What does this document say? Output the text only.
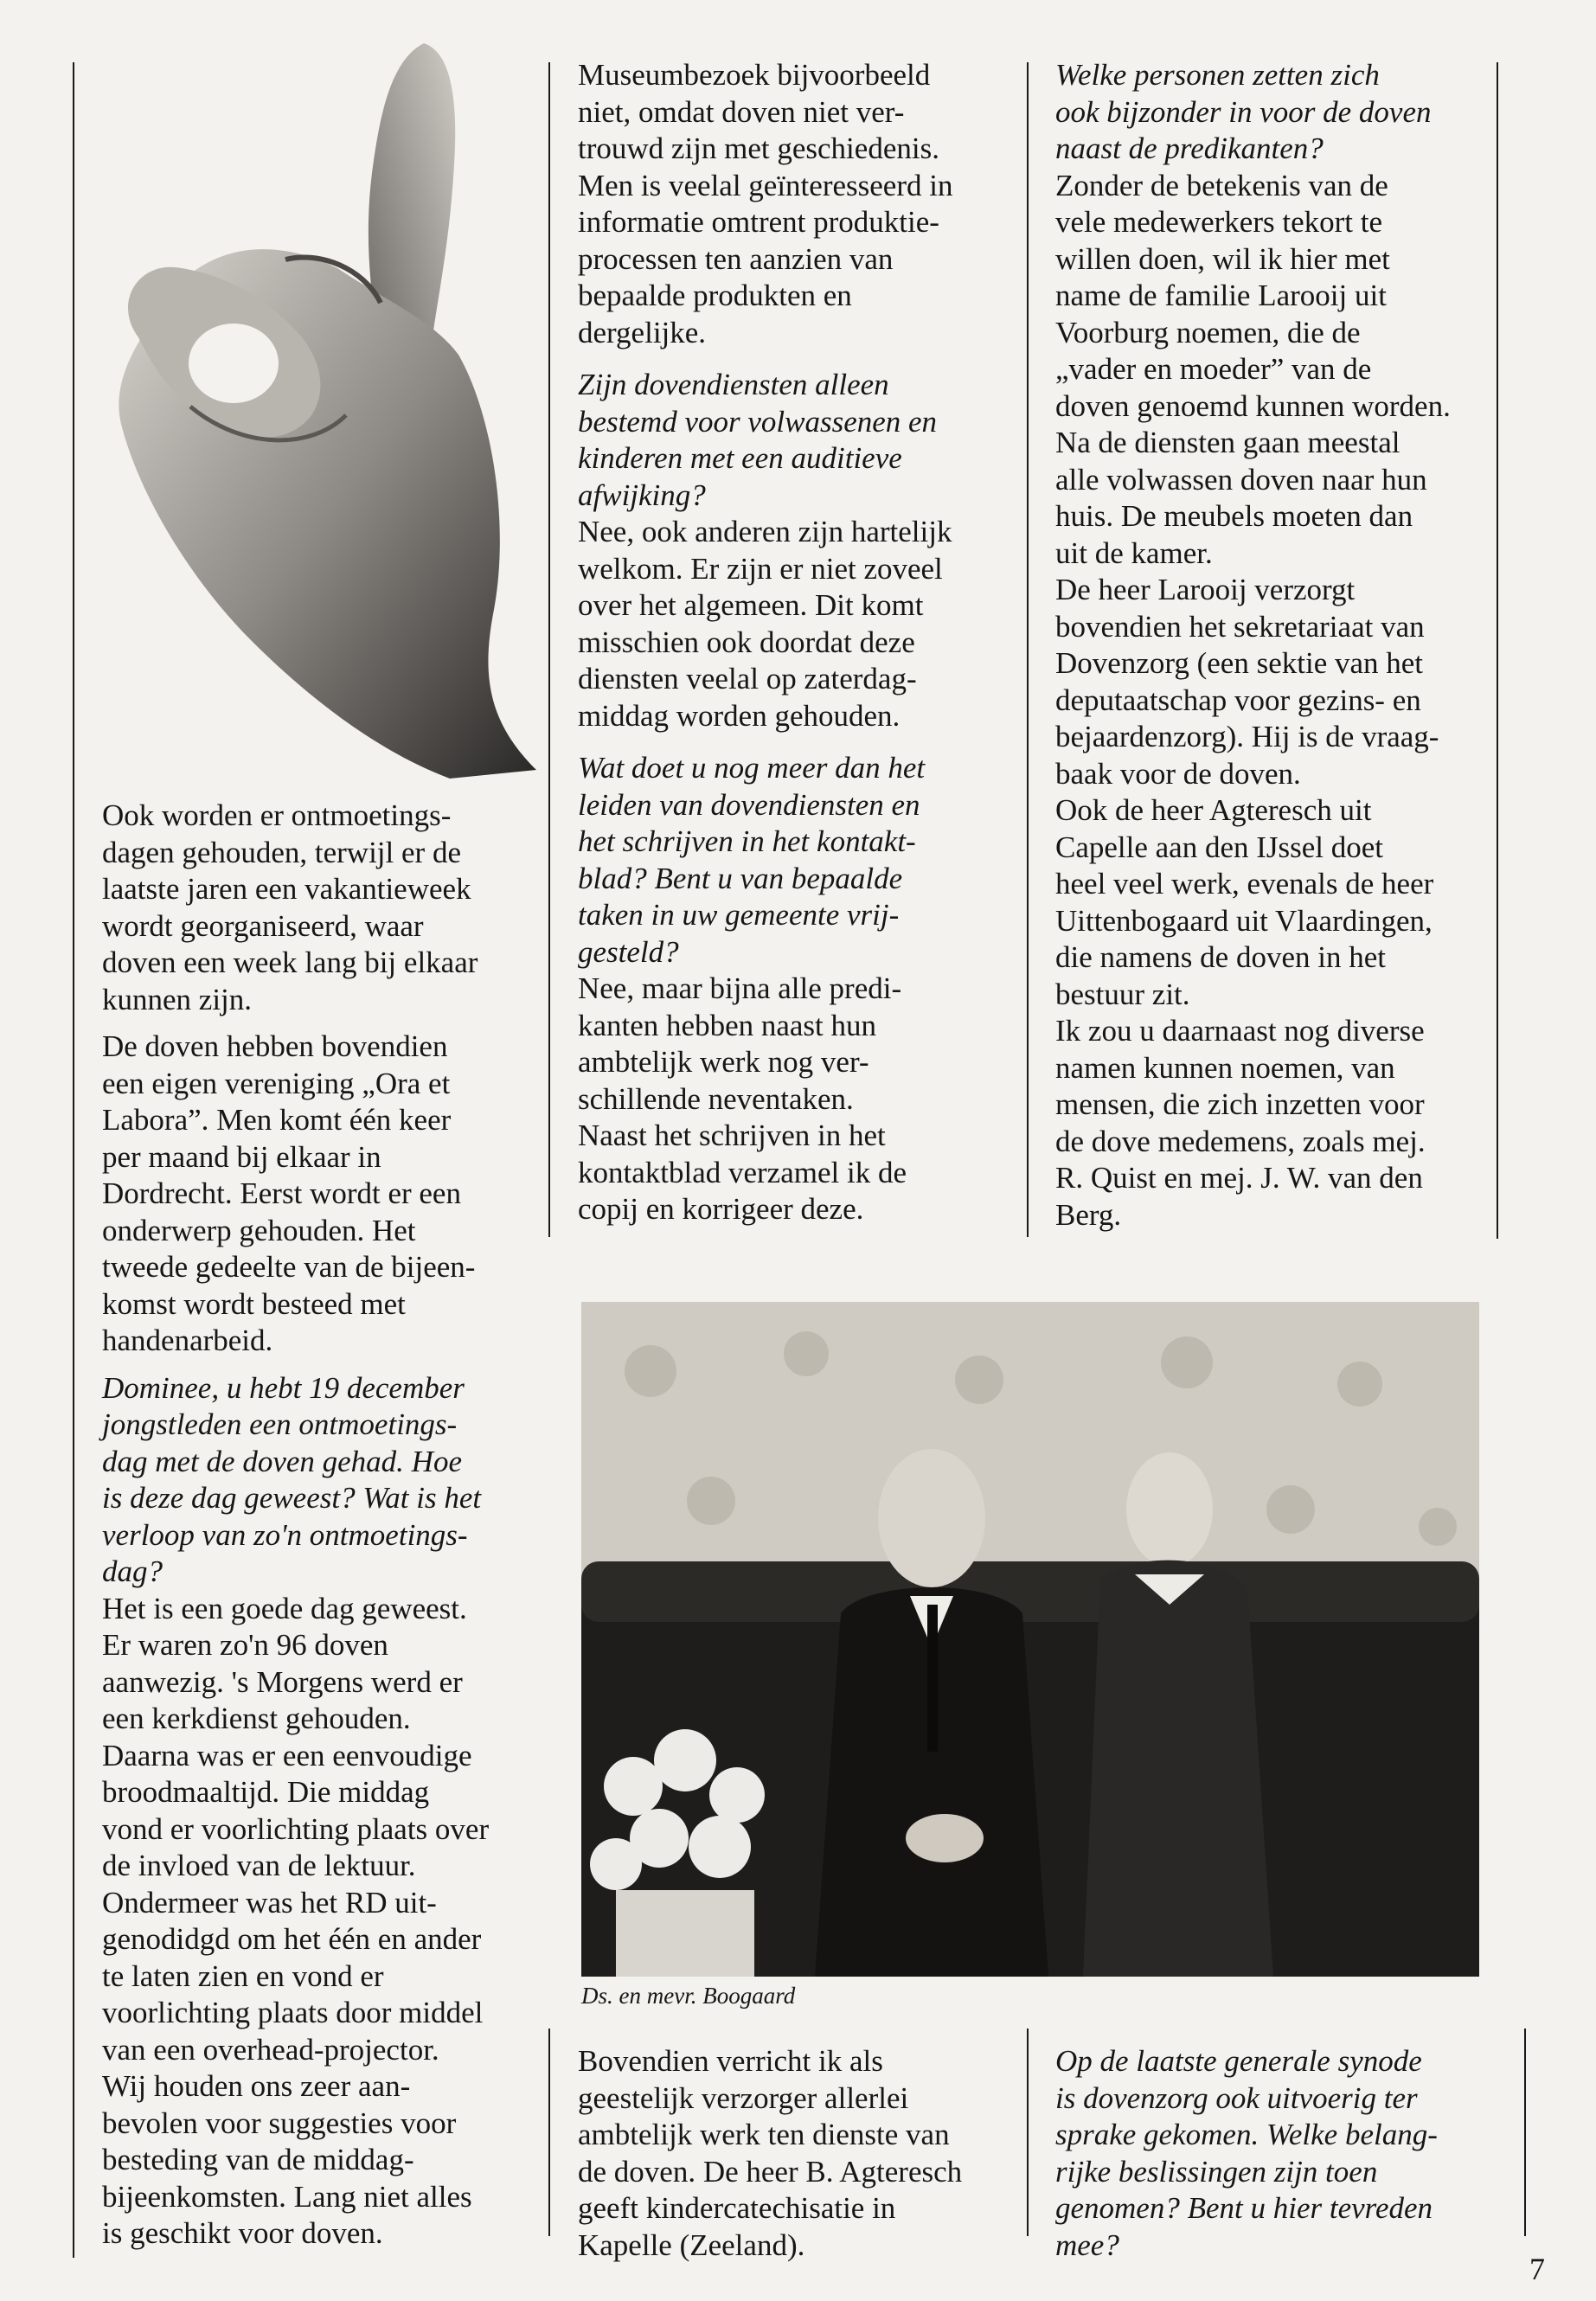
Ook worden er ontmoetings-
dagen gehouden, terwijl er de
laatste jaren een vakantieweek
wordt georganiseerd, waar
doven een week lang bij elkaar
kunnen zijn.

De doven hebben bovendien
een eigen vereniging „Ora et
Labora”. Men komt één keer
per maand bij elkaar in
Dordrecht. Eerst wordt er een
onderwerp gehouden. Het
tweede gedeelte van de bijeen-
komst wordt besteed met
handenarbeid.

Dominee, u hebt 19 december
jongstleden een ontmoetings-
dag met de doven gehad. Hoe
is deze dag geweest? Wat is het
verloop van zo'n ontmoetings-
dag?

Het is een goede dag geweest.
Er waren zo'n 96 doven
aanwezig. 's Morgens werd er
een kerkdienst gehouden.
Daarna was er een eenvoudige
broodmaaltijd. Die middag
vond er voorlichting plaats over
de invloed van de lektuur.
Ondermeer was het RD uit-
genodidgd om het één en ander
te laten zien en vond er
voorlichting plaats door middel
van een overhead-projector.
Wij houden ons zeer aan-
bevolen voor suggesties voor
besteding van de middag-
bijeenkomsten. Lang niet alles
is geschikt voor doven.

Museumbezoek bijvoorbeeld
niet, omdat doven niet ver-
trouwd zijn met geschiedenis.
Men is veelal geïnteresseerd in
informatie omtrent produktie-
processen ten aanzien van
bepaalde produkten en
dergelijke.

Zijn dovendiensten alleen
bestemd voor volwassenen en
kinderen met een auditieve
afwijking?

Nee, ook anderen zijn hartelijk
welkom. Er zijn er niet zoveel
over het algemeen. Dit komt
misschien ook doordat deze
diensten veelal op zaterdag-
middag worden gehouden.

Wat doet u nog meer dan het
leiden van dovendiensten en
het schrijven in het kontakt-
blad? Bent u van bepaalde
taken in uw gemeente vrij-
gesteld?

Nee, maar bijna alle predi-
kanten hebben naast hun
ambtelijk werk nog ver-
schillende neventaken.
Naast het schrijven in het
kontaktblad verzamel ik de
copij en korrigeer deze.

Welke personen zetten zich
ook bijzonder in voor de doven
naast de predikanten?

Zonder de betekenis van de
vele medewerkers tekort te
willen doen, wil ik hier met
name de familie Larooij uit
Voorburg noemen, die de
„vader en moeder” van de
doven genoemd kunnen worden.
Na de diensten gaan meestal
alle volwassen doven naar hun
huis. De meubels moeten dan
uit de kamer.
De heer Larooij verzorgt
bovendien het sekretariaat van
Dovenzorg (een sektie van het
deputaatschap voor gezins- en
bejaardenzorg). Hij is de vraag-
baak voor de doven.
Ook de heer Agteresch uit
Capelle aan den IJssel doet
heel veel werk, evenals de heer
Uittenbogaard uit Vlaardingen,
die namens de doven in het
bestuur zit.
Ik zou u daarnaast nog diverse
namen kunnen noemen, van
mensen, die zich inzetten voor
de dove medemens, zoals mej.
R. Quist en mej. J. W. van den
Berg.

Ds. en mevr. Boogaard

Bovendien verricht ik als
geestelijk verzorger allerlei
ambtelijk werk ten dienste van
de doven. De heer B. Agteresch
geeft kindercatechisatie in
Kapelle (Zeeland).

Op de laatste generale synode
is dovenzorg ook uitvoerig ter
sprake gekomen. Welke belang-
rijke beslissingen zijn toen
genomen? Bent u hier tevreden
mee?

7
